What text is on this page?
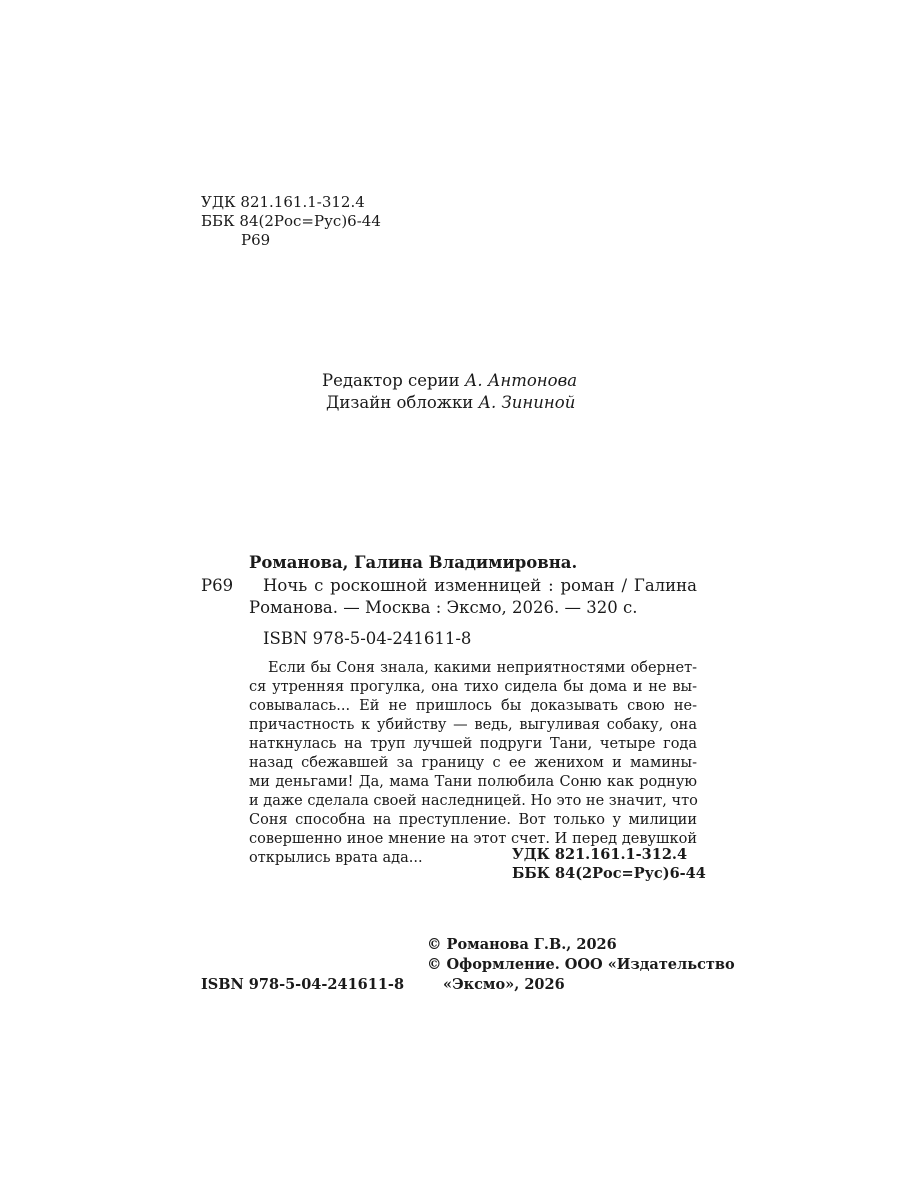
УДК 821.161.1-312.4
ББК 84(2Рос=Рус)6-44
Р69
Редактор серии А. Антонова
Дизайн обложки А. Зининой
Романова, Галина Владимировна.
Р69 Ночь с роскошной изменницей : роман / Галина
Романова. — Москва : Эксмо, 2026. — 320 с.
ISBN 978-5-04-241611-8
Если бы Соня знала, какими неприятностями обернет-
ся утренняя прогулка, она тихо сидела бы дома и не вы-
совывалась... Ей не пришлось бы доказывать свою не-
причастность к убийству — ведь, выгуливая собаку, она
наткнулась на труп лучшей подруги Тани, четыре года
назад сбежавшей за границу с ее женихом и мамины-
ми деньгами! Да, мама Тани полюбила Соню как родную
и даже сделала своей наследницей. Но это не значит, что
Соня способна на преступление. Вот только у милиции
совершенно иное мнение на этот счет. И перед девушкой
открылись врата ада...	УДК 821.161.1-312.4
ББК 84(2Рос=Рус)6-44
ISBN 978-5-04-241611-8
© Романова Г.В., 2026
© Оформление. ООО «Издательство
«Эксмо», 2026
